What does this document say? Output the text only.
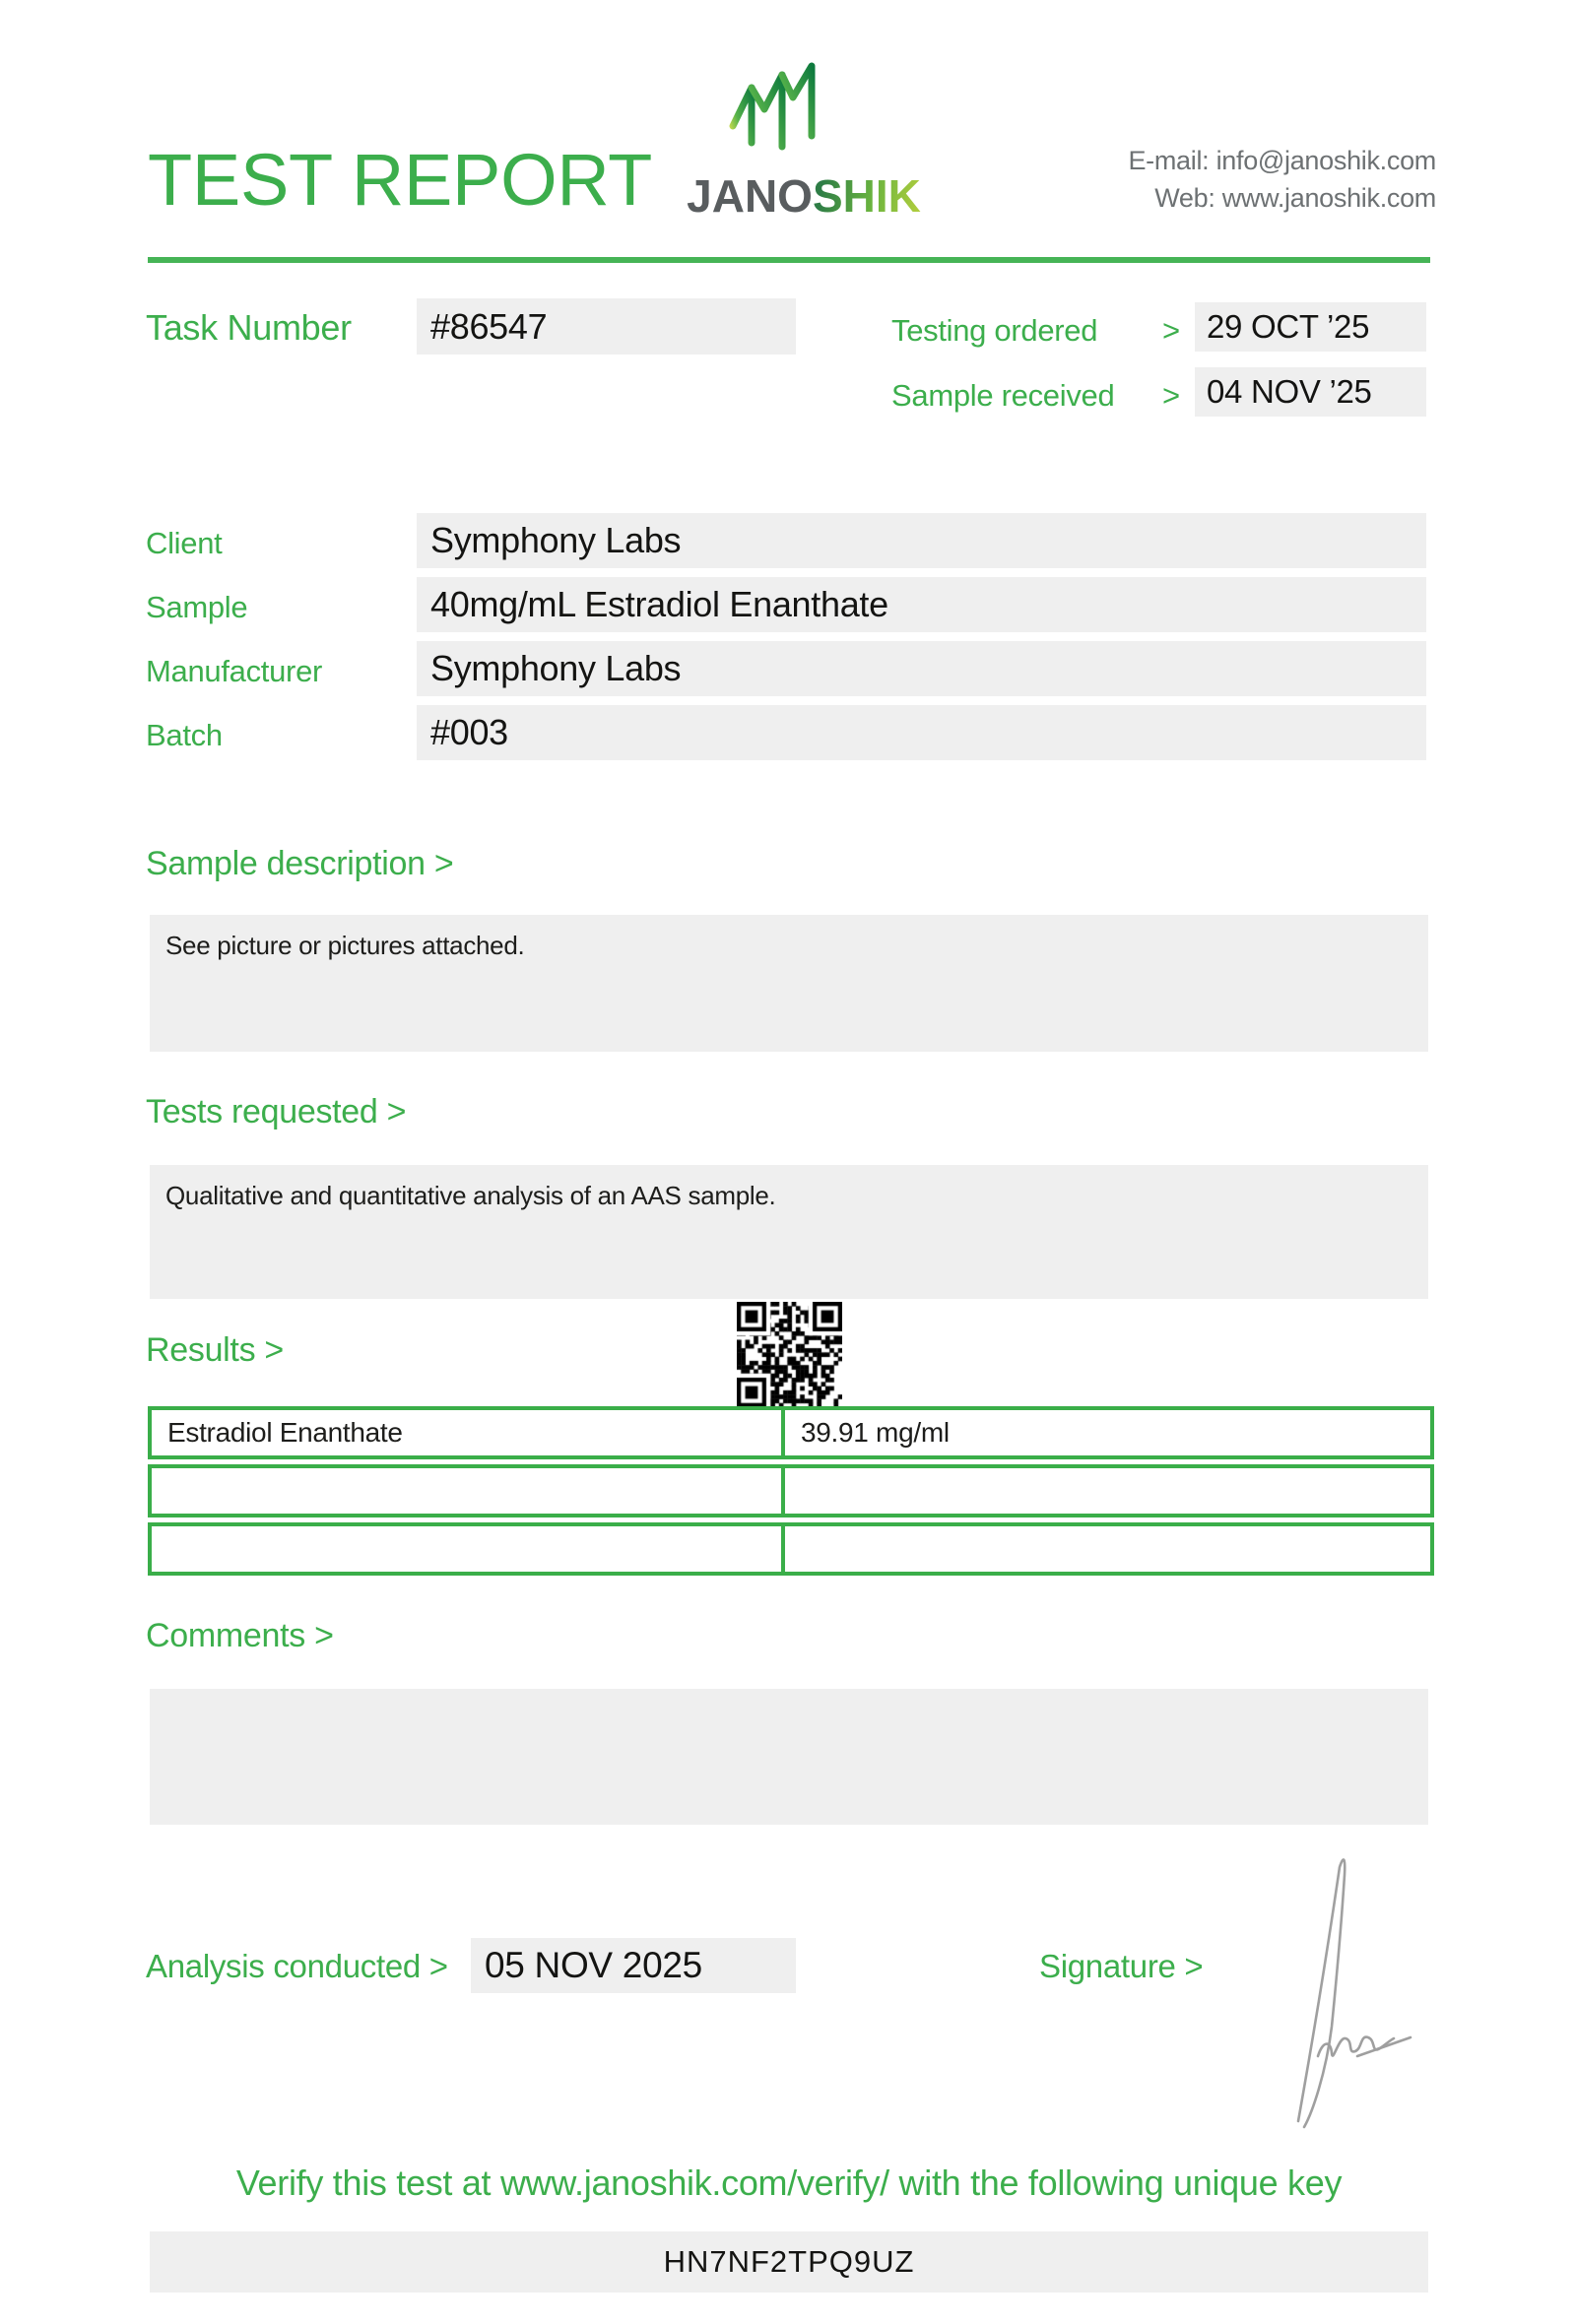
TEST REPORT JANOSHIK
E-mail: info@janoshik.com
Web: www.janoshik.com
Task Number	#86547	Testing ordered > 29 OCT ’25
Sample received > 04 NOV ’25
Client	Symphony Labs
Sample	40mg/mL Estradiol Enanthate
Manufacturer	Symphony Labs
Batch	#003
Sample description >
See picture or pictures attached.
Tests requested >
Qualitative and quantitative analysis of an AAS sample.
Results >
Estradiol Enanthate	39.91 mg/ml
Comments >
Analysis conducted >	05 NOV 2025	Signature >
Verify this test at www.janoshik.com/verify/ with the following unique key
HN7NF2TPQ9UZ
